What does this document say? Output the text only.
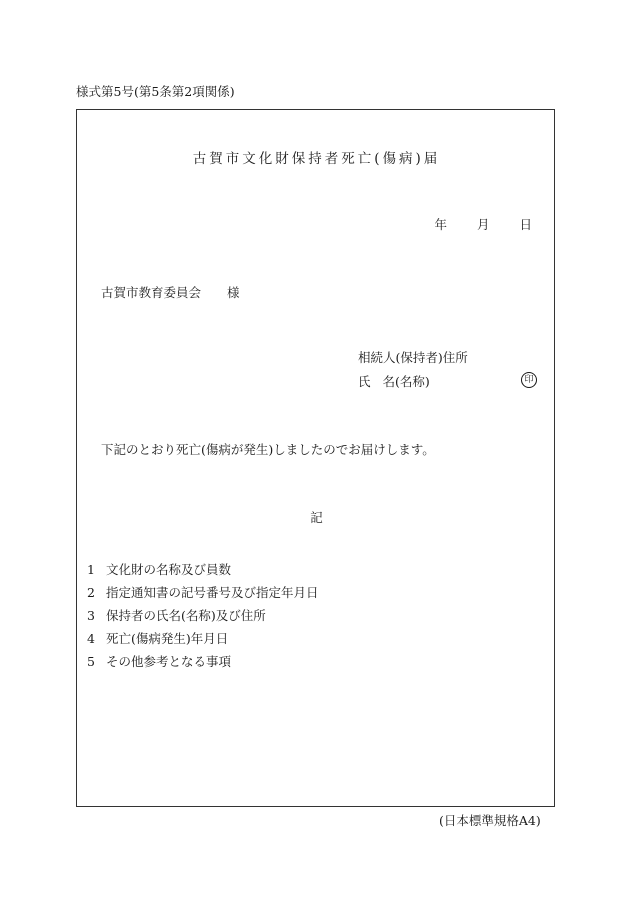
様式第5号(第5条第2項関係)
古賀市文化財保持者死亡(傷病)届
年 月 日
古賀市教育委員会 様
相続人(保持者)住所
氏 名(名称)	印
下記のとおり死亡(傷病が発生)しましたのでお届けします。
記
1 文化財の名称及び員数
2 指定通知書の記号番号及び指定年月日
3 保持者の氏名(名称)及び住所
4 死亡(傷病発生)年月日
5 その他参考となる事項
(日本標準規格A4)
